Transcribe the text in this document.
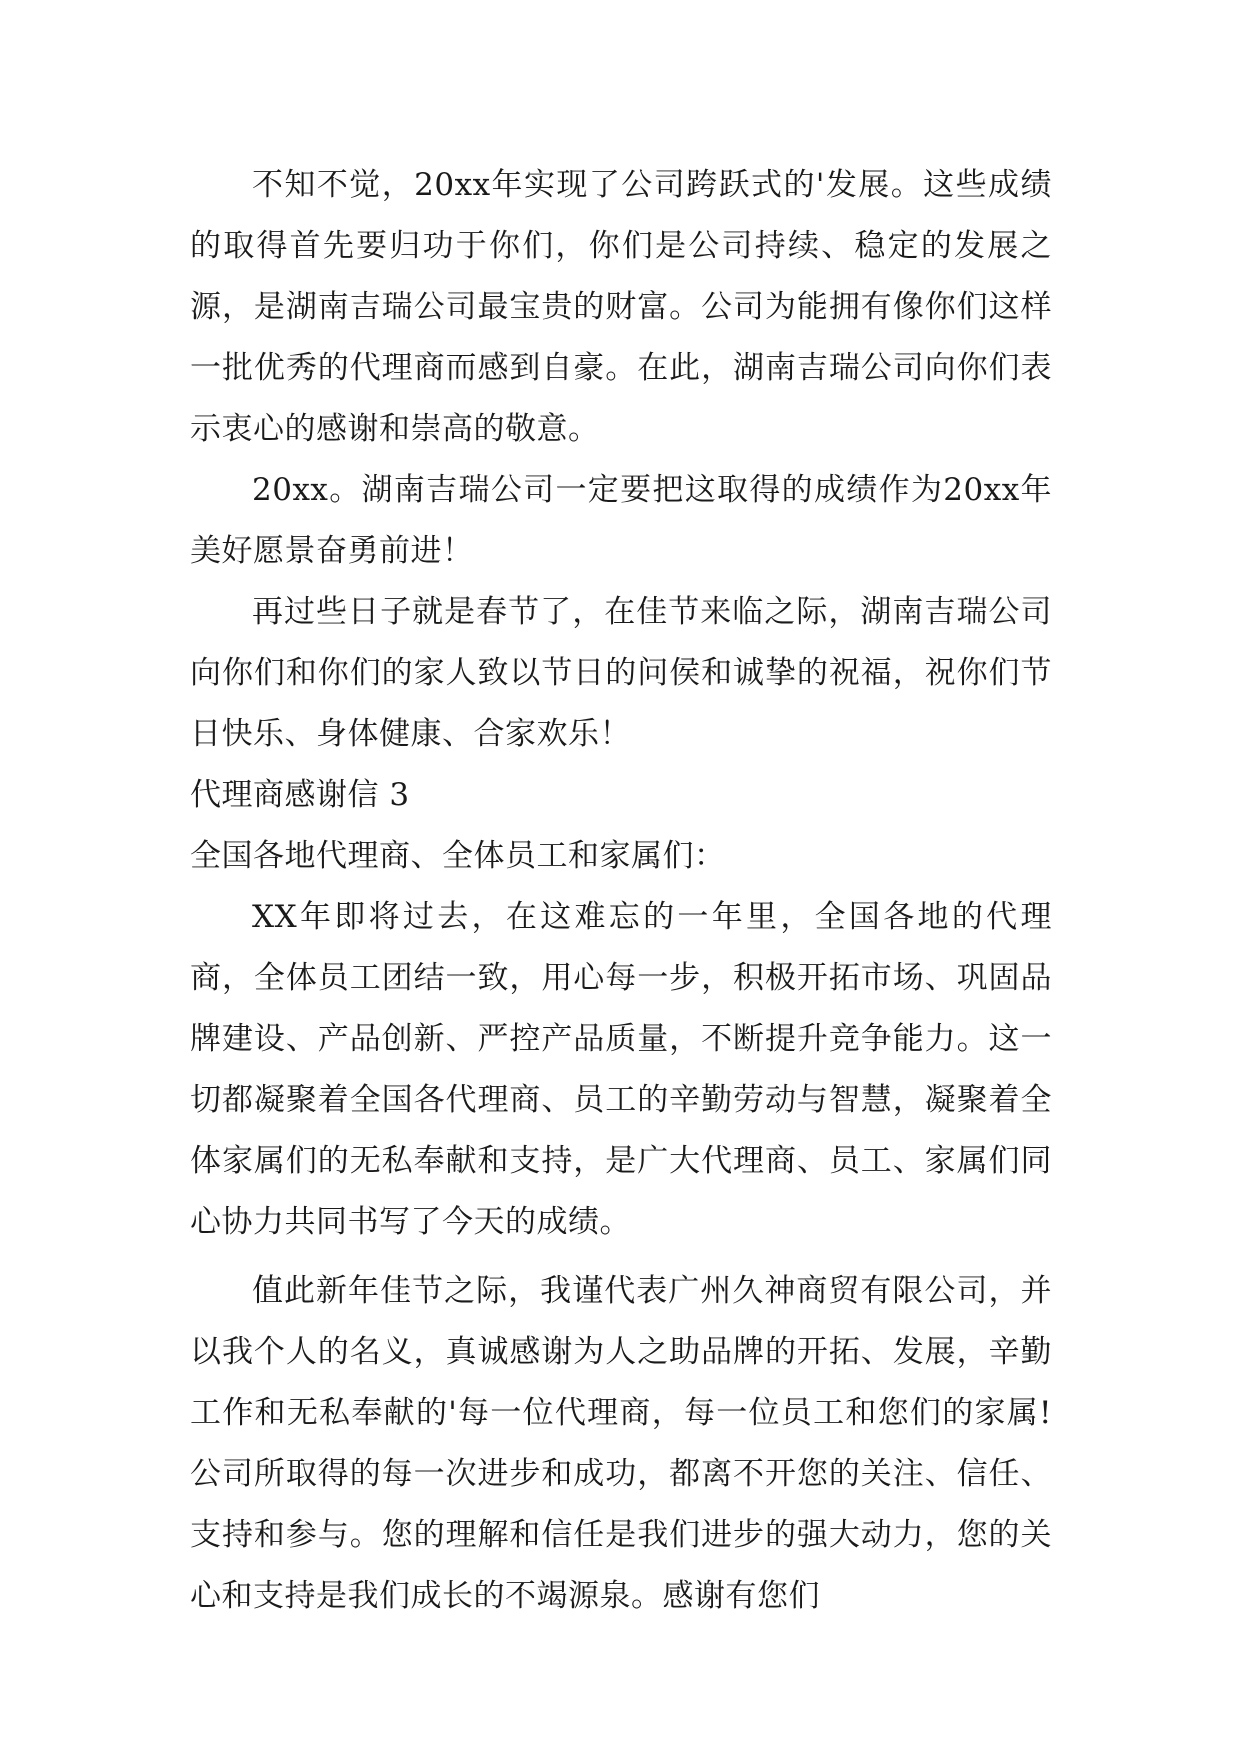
不知不觉，20xx年实现了公司跨跃式的'发展。这些成绩的取得首先要归功于你们，你们是公司持续、稳定的发展之源，是湖南吉瑞公司最宝贵的财富。公司为能拥有像你们这样一批优秀的代理商而感到自豪。在此，湖南吉瑞公司向你们表示衷心的感谢和崇高的敬意。

20xx。湖南吉瑞公司一定要把这取得的成绩作为20xx年美好愿景奋勇前进！

再过些日子就是春节了，在佳节来临之际，湖南吉瑞公司向你们和你们的家人致以节日的问侯和诚挚的祝福，祝你们节日快乐、身体健康、合家欢乐！

代理商感谢信 3

全国各地代理商、全体员工和家属们：

XX年即将过去，在这难忘的一年里，全国各地的代理商，全体员工团结一致，用心每一步，积极开拓市场、巩固品牌建设、产品创新、严控产品质量，不断提升竞争能力。这一切都凝聚着全国各代理商、员工的辛勤劳动与智慧，凝聚着全体家属们的无私奉献和支持，是广大代理商、员工、家属们同心协力共同书写了今天的成绩。

值此新年佳节之际，我谨代表广州久神商贸有限公司，并以我个人的名义，真诚感谢为人之助品牌的开拓、发展，辛勤工作和无私奉献的'每一位代理商，每一位员工和您们的家属!公司所取得的每一次进步和成功，都离不开您的关注、信任、支持和参与。您的理解和信任是我们进步的强大动力，您的关心和支持是我们成长的不竭源泉。感谢有您们
